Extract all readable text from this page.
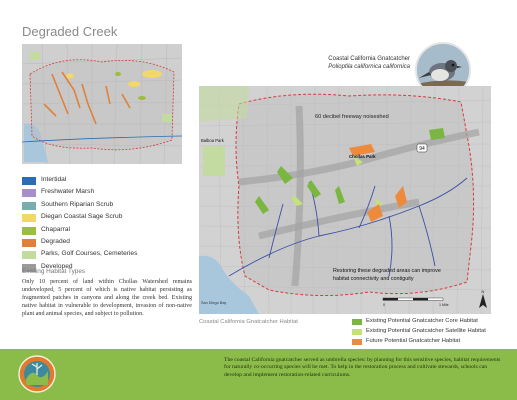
Degraded Creek
Intertidal
Freshwater Marsh
Southern Riparian Scrub
Diegan Coastal Sage Scrub
Chaparral
Degraded
Parks, Golf Courses, Cemeteries
Developed
Existing Habitat Types
Only 10 percent of land within Chollas Watershed remains undeveloped, 5 percent of which is native habitat persisting as fragmented patches in canyons and along the creek bed. Existing native habitat in vulnerable to development, invasion of non-native plant and animal species, and subject to pollution.
Coastal California Gnatcatcher
Polioptila californica californica
60 decibel freeway noiseshed
Chollas Park
Balboa Park
San Diego Bay
Restoring these degraded areas can improve
habitat connectivity and contiguity
94
0	1 Mile
N
Coastal California Gnatcatcher Habitat	Existing Potential Gnatcatcher Core Habitat
Existing Potential Gnatcatcher Satellite Habitat
Future Potential Gnatcatcher Habitat
The coastal California gnatcatcher served as umbrella species: by planning for this sensitive species, habitat requirements for naturally co-occurring species will be met. To help in the restoration process and cultivate stewards, schools can develop and implement restoration-related curriculums.
